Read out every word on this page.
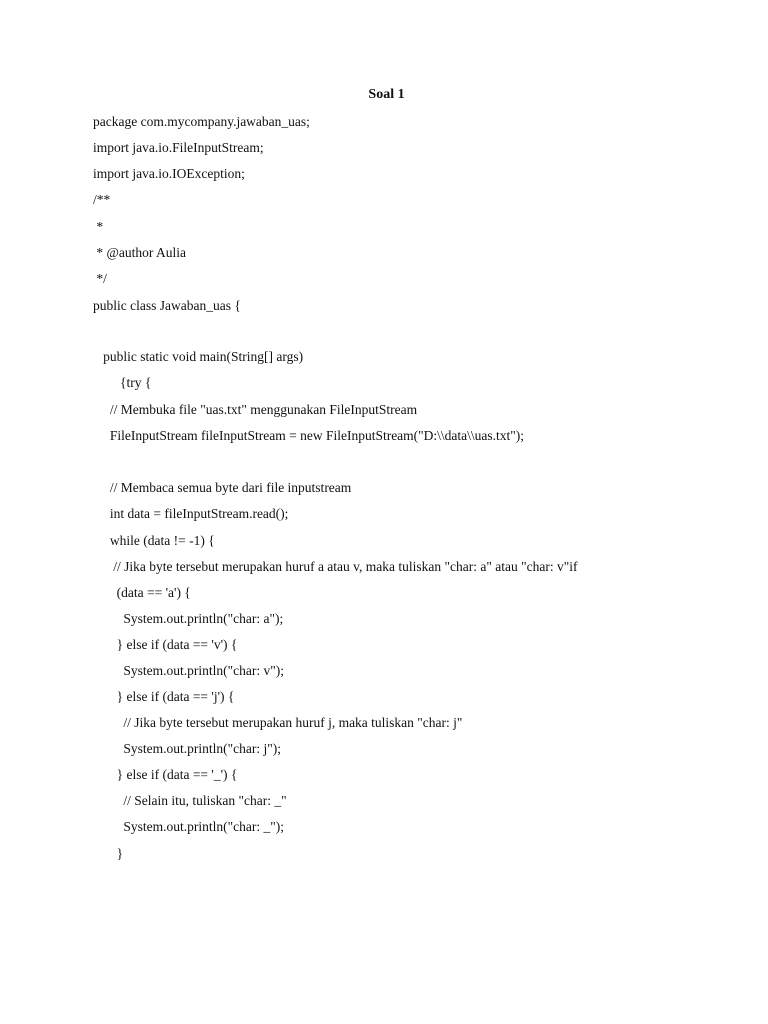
Soal 1
package com.mycompany.jawaban_uas;
import java.io.FileInputStream;
import java.io.IOException;
/**
*
* @author Aulia
*/
public class Jawaban_uas {
public static void main(String[] args)
{try {
// Membuka file "uas.txt" menggunakan FileInputStream
FileInputStream fileInputStream = new FileInputStream("D:\\data\\uas.txt");
// Membaca semua byte dari file inputstream
int data = fileInputStream.read();
while (data != -1) {
// Jika byte tersebut merupakan huruf a atau v, maka tuliskan "char: a" atau "char: v"if
(data == 'a') {
System.out.println("char: a");
} else if (data == 'v') {
System.out.println("char: v");
} else if (data == 'j') {
// Jika byte tersebut merupakan huruf j, maka tuliskan "char: j"
System.out.println("char: j");
} else if (data == '_') {
// Selain itu, tuliskan "char: _"
System.out.println("char: _");
}
